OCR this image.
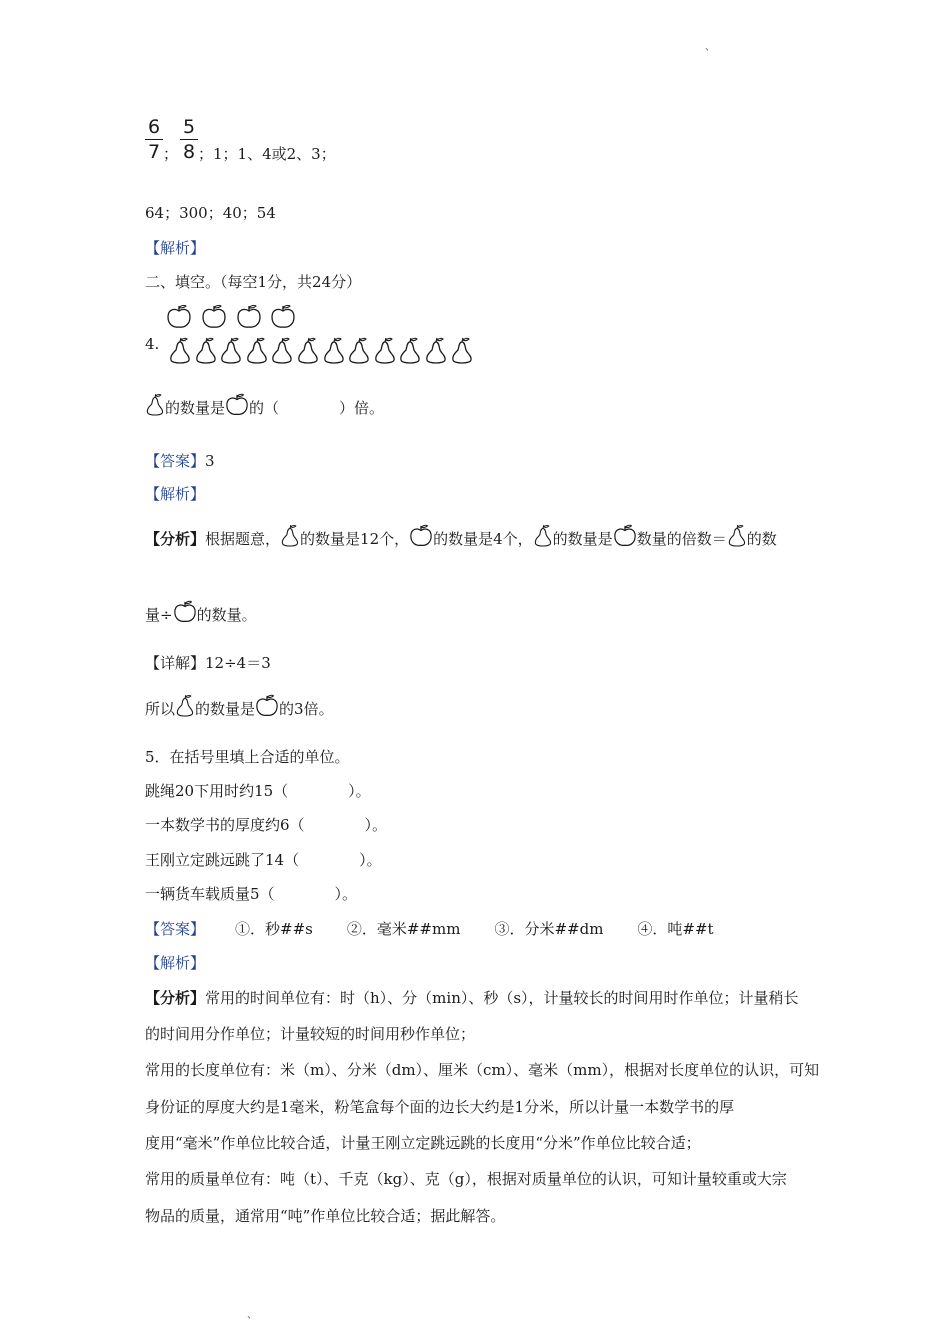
、
6
7 ；
5
8 ；1；1、4或2、3；
64；300；40；54
【解析】
二、填空。（每空1分，共24分）

4.
的数量是 的（　　　　）倍。
【答案】3
【解析】
【分析】根据题意， 的数量是12个， 的数量是4个， 的数量是 数量的倍数＝ 的数
量÷ 的数量。
【详解】12÷4＝3
所以 的数量是 的3倍。
5．在括号里填上合适的单位。
跳绳20下用时约15（　　　　）。
一本数学书的厚度约6（　　　　）。
王刚立定跳远跳了14（　　　　）。
一辆货车载质量5（　　　　）。
【答案】 ①．秒##s ②．毫米##mm ③．分米##dm ④．吨##t
【解析】
【分析】常用的时间单位有：时（h）、分（min）、秒（s），计量较长的时间用时作单位；计量稍长
的时间用分作单位；计量较短的时间用秒作单位；
常用的长度单位有：米（m）、分米（dm）、厘米（cm）、毫米（mm），根据对长度单位的认识，可知
身份证的厚度大约是1毫米，粉笔盒每个面的边长大约是1分米，所以计量一本数学书的厚
度用“毫米”作单位比较合适，计量王刚立定跳远跳的长度用“分米”作单位比较合适；
常用的质量单位有：吨（t）、千克（kg）、克（g），根据对质量单位的认识，可知计量较重或大宗
物品的质量，通常用“吨”作单位比较合适；据此解答。
、
